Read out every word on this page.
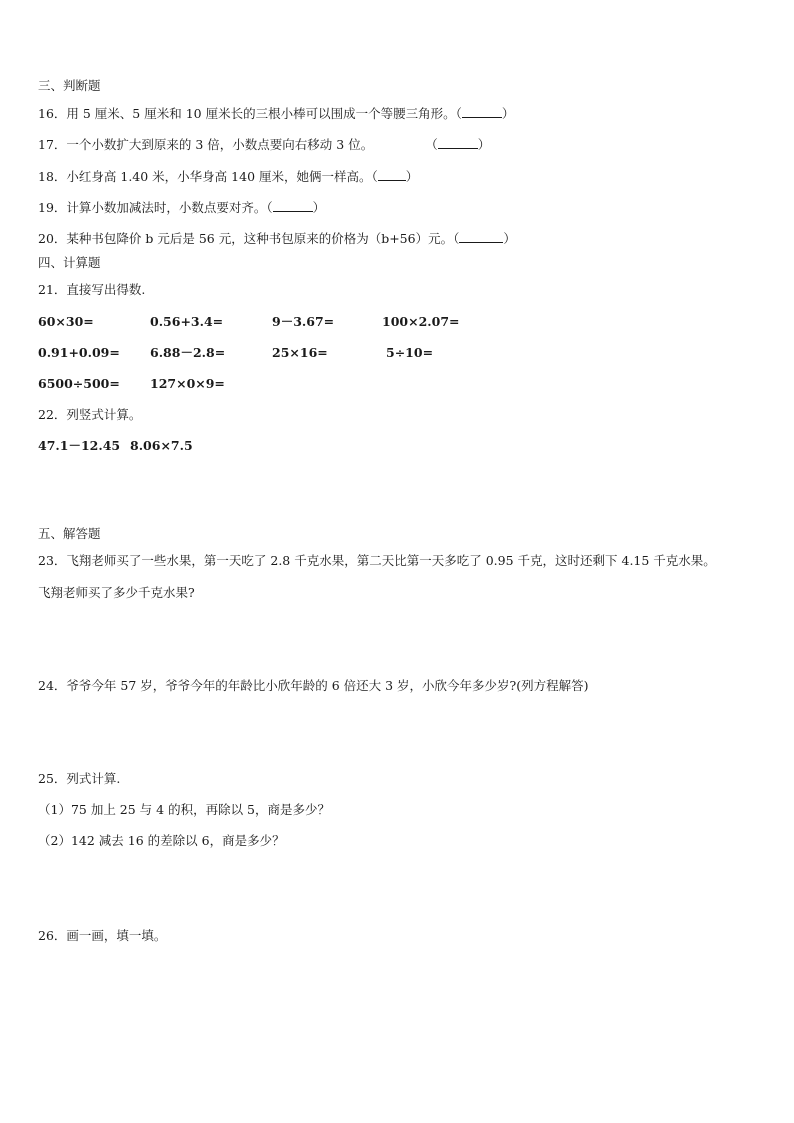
三、判断题
16．用 5 厘米、5 厘米和 10 厘米长的三根小棒可以围成一个等腰三角形。（	）
17．一个小数扩大到原来的 3 倍，小数点要向右移动 3 位。	（	）
18．小红身高 1.40 米，小华身高 140 厘米，她俩一样高。（ ）
19．计算小数加减法时，小数点要对齐。（	）
20．某种书包降价 b 元后是 56 元，这种书包原来的价格为（b+56）元。（	）
四、计算题
21．直接写出得数.
60×30=	0.56+3.4=	9－3.67=	100×2.07=
0.91+0.09= 6.88－2.8=	25×16=	5÷10=
6500÷500= 127×0×9=
22．列竖式计算。
47.1－12.45 8.06×7.5
五、解答题
23．飞翔老师买了一些水果，第一天吃了 2.8 千克水果，第二天比第一天多吃了 0.95 千克，这时还剩下 4.15 千克水果。
飞翔老师买了多少千克水果?
24．爷爷今年 57 岁，爷爷今年的年龄比小欣年龄的 6 倍还大 3 岁，小欣今年多少岁?(列方程解答)
25．列式计算.
（1）75 加上 25 与 4 的积，再除以 5，商是多少？
（2）142 减去 16 的差除以 6，商是多少？
26．画一画，填一填。
